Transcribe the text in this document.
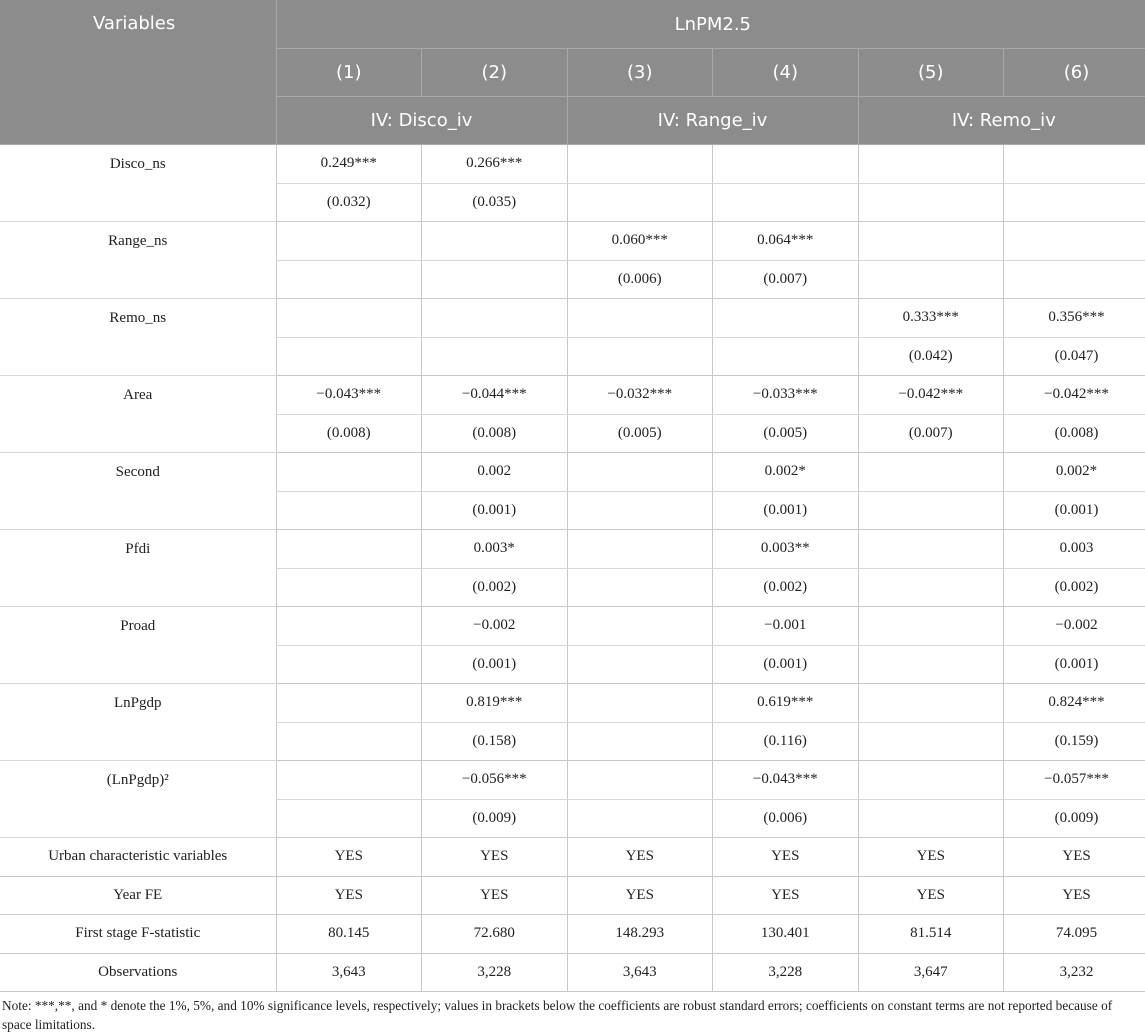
Variables	LnPM2.5					
	(1)	(2)	(3)	(4)	(5)	(6)
	IV: Disco_iv		IV: Range_iv		IV: Remo_iv	
Disco_ns	0.249***	0.266***				
	(0.032)	(0.035)				
Range_ns			0.060***	0.064***		
			(0.006)	(0.007)		
Remo_ns					0.333***	0.356***
					(0.042)	(0.047)
Area	−0.043***	−0.044***	−0.032***	−0.033***	−0.042***	−0.042***
	(0.008)	(0.008)	(0.005)	(0.005)	(0.007)	(0.008)
Second		0.002		0.002*		0.002*
		(0.001)		(0.001)		(0.001)
Pfdi		0.003*		0.003**		0.003
		(0.002)		(0.002)		(0.002)
Proad		−0.002		−0.001		−0.002
		(0.001)		(0.001)		(0.001)
LnPgdp		0.819***		0.619***		0.824***
		(0.158)		(0.116)		(0.159)
(LnPgdp)²		−0.056***		−0.043***		−0.057***
		(0.009)		(0.006)		(0.009)
Urban characteristic variables	YES	YES	YES	YES	YES	YES
Year FE	YES	YES	YES	YES	YES	YES
First stage F-statistic	80.145	72.680	148.293	130.401	81.514	74.095
Observations	3,643	3,228	3,643	3,228	3,647	3,232
Note: ***,**, and * denote the 1%, 5%, and 10% significance levels, respectively; values in brackets below the coefficients are robust standard errors; coefficients on constant terms are not reported because of space limitations.
